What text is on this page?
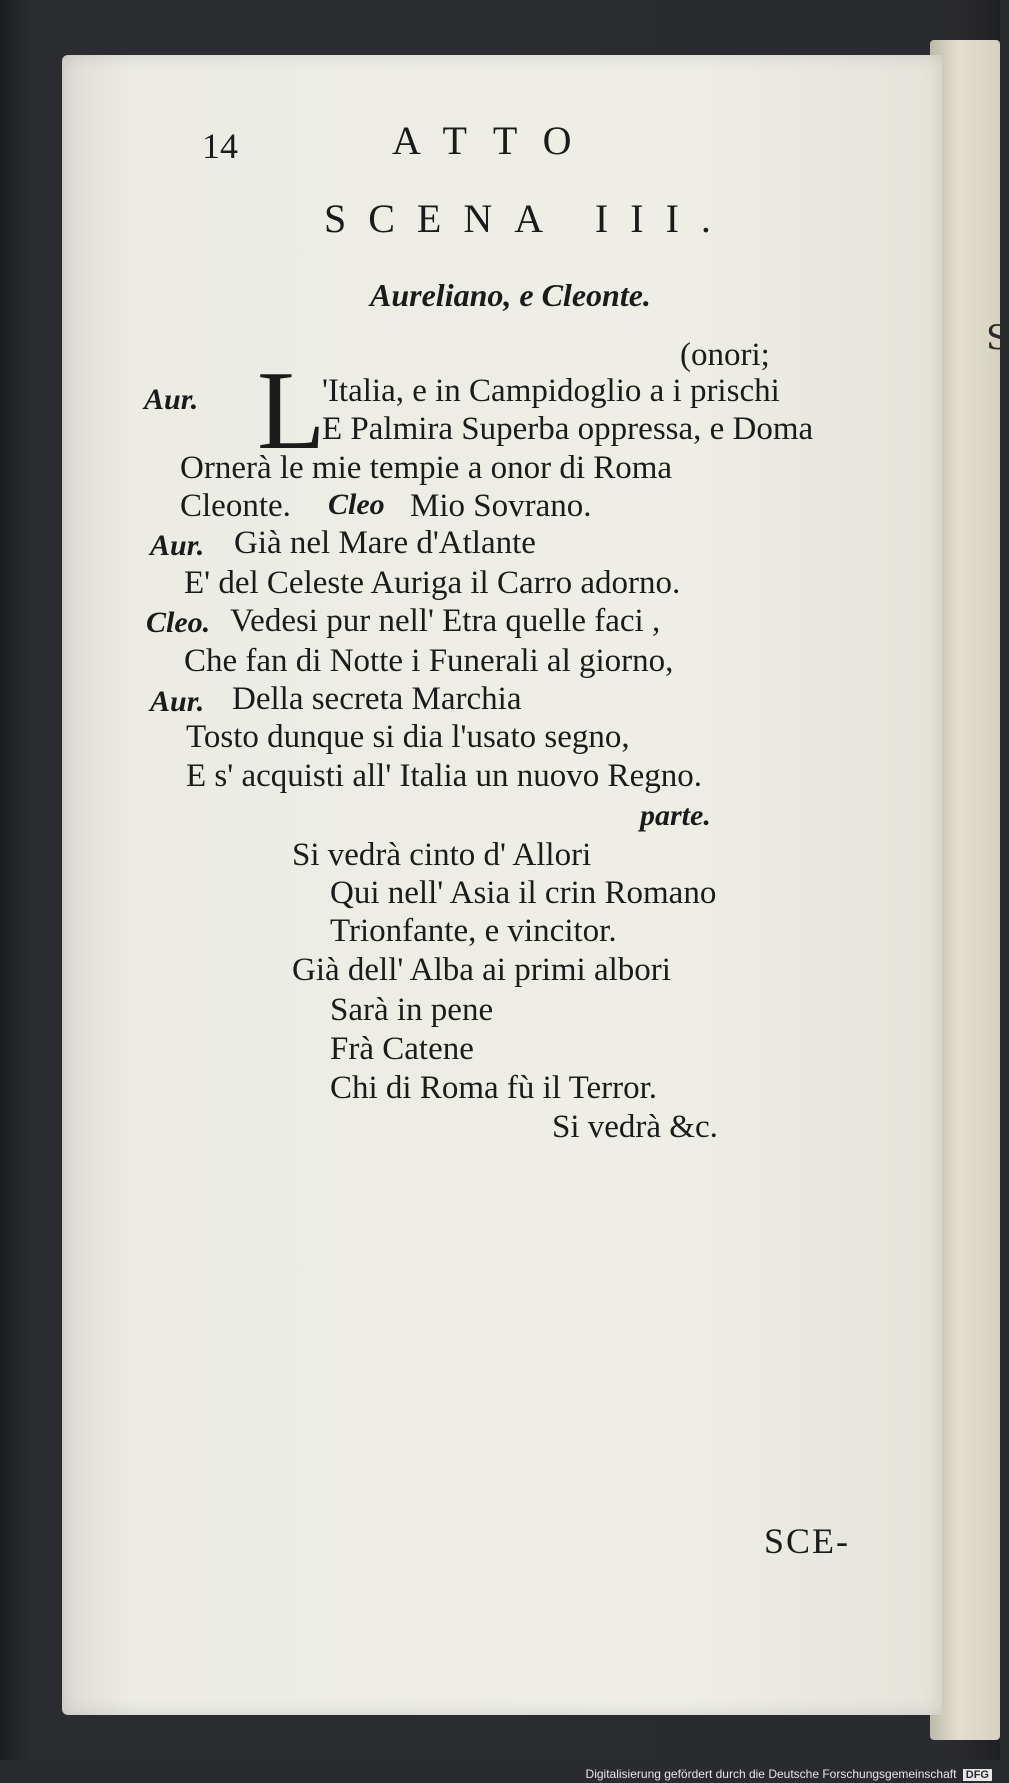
S
14	ATTO
SCENA III.
Aureliano, e Cleonte.
(onori;
Aur. L
'Italia, e in Campidoglio a i prischi
E Palmira Superba oppressa, e Doma
Ornerà le mie tempie a onor di Roma
Cleonte. Cleo Mio Sovrano.
Aur. Già nel Mare d'Atlante
E' del Celeste Auriga il Carro adorno.
Cleo. Vedesi pur nell' Etra quelle faci ,
Che fan di Notte i Funerali al giorno,
Aur. Della secreta Marchia
Tosto dunque si dia l'usato segno,
E s' acquisti all' Italia un nuovo Regno.
parte.
Si vedrà cinto d' Allori
Qui nell' Asia il crin Romano
Trionfante, e vincitor.
Già dell' Alba ai primi albori
Sarà in pene
Frà Catene
Chi di Roma fù il Terror.
Si vedrà &c.
SCE-
Digitalisierung gefördert durch die Deutsche Forschungsgemeinschaft DFG
